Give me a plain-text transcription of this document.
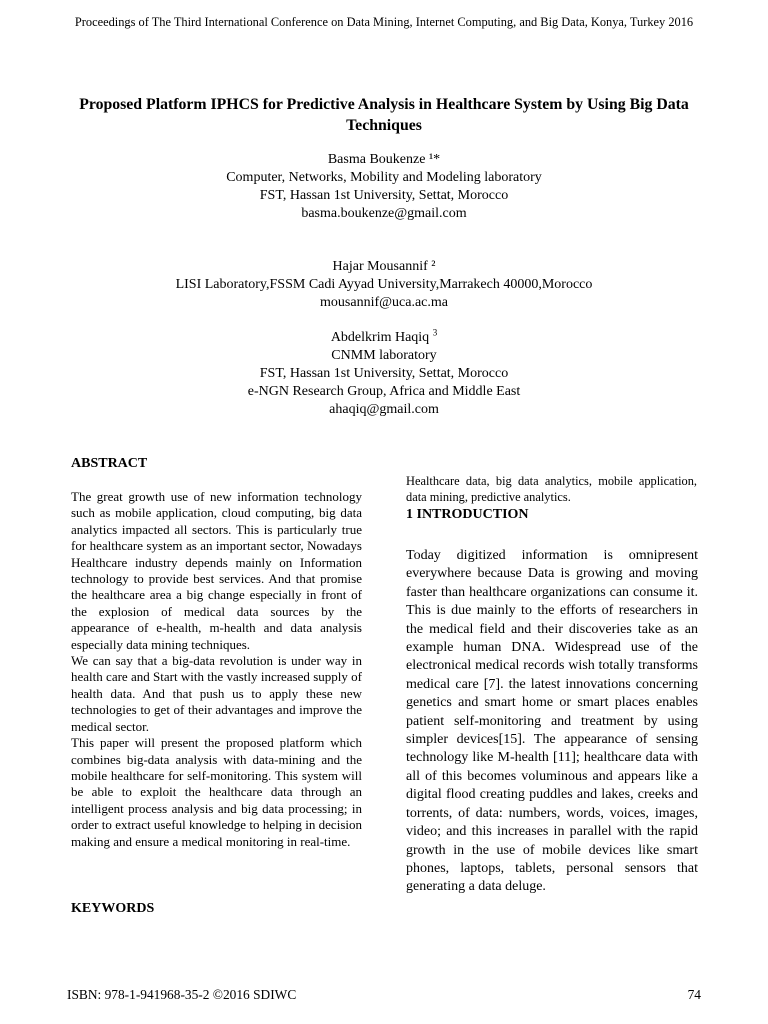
Proceedings of The Third International Conference on Data Mining, Internet Computing, and Big Data, Konya, Turkey 2016
Proposed Platform IPHCS for Predictive Analysis in Healthcare System by Using Big Data Techniques
Basma Boukenze ¹*
Computer, Networks, Mobility and Modeling laboratory
FST, Hassan 1st University, Settat, Morocco
basma.boukenze@gmail.com
Hajar Mousannif ²
LISI Laboratory,FSSM Cadi Ayyad University,Marrakech 40000,Morocco
mousannif@uca.ac.ma
Abdelkrim Haqiq $^3$
CNMM laboratory
FST, Hassan 1st University, Settat, Morocco
e-NGN Research Group, Africa and Middle East
ahaqiq@gmail.com
ABSTRACT

The great growth use of new information technology such as mobile application, cloud computing, big data analytics impacted all sectors. This is particularly true for healthcare system as an important sector, Nowadays Healthcare industry depends mainly on Information technology to provide best services. And that promise the healthcare area a big change especially in front of the explosion of medical data sources by the appearance of e-health, m-health and data analysis especially data mining techniques.

We can say that a big-data revolution is under way in health care and Start with the vastly increased supply of health data. And that push us to apply these new technologies to get of their advantages and improve the medical sector.

This paper will present the proposed platform which combines big-data analysis with data-mining and the mobile healthcare for self-monitoring. This system will be able to exploit the healthcare data through an intelligent process analysis and big data processing; in order to extract useful knowledge to helping in decision making and ensure a medical monitoring in real-time.

KEYWORDS
Healthcare data, big data analytics, mobile application, data mining, predictive analytics.
1 INTRODUCTION

Today digitized information is omnipresent everywhere because Data is growing and moving faster than healthcare organizations can consume it. This is due mainly to the efforts of researchers in the medical field and their discoveries take as an example human DNA. Widespread use of the electronical medical records wish totally transforms medical care [7]. the latest innovations concerning genetics and smart home or smart places enables patient self-monitoring and treatment by using simpler devices[15]. The appearance of sensing technology like M-health [11]; healthcare data with all of this becomes voluminous and appears like a digital flood creating puddles and lakes, creeks and torrents, of data: numbers, words, voices, images, video; and this increases in parallel with the rapid growth in the use of mobile devices like smart phones, laptops, tablets, personal sensors that generating a data deluge.

ISBN: 978-1-941968-35-2 ©2016 SDIWC	74
